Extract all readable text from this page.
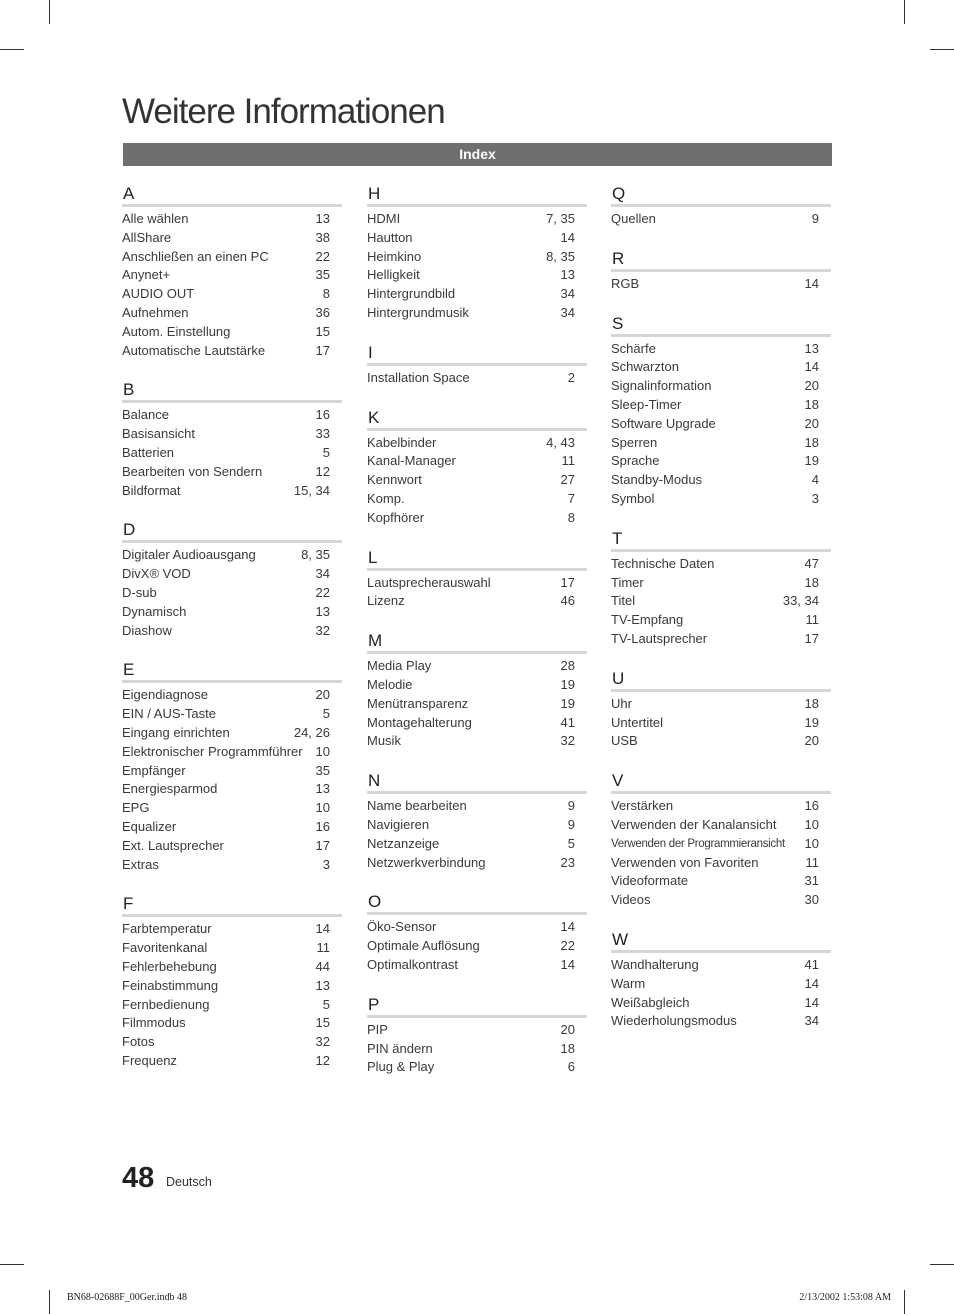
Weitere Informationen
Index
A
Alle wählen	13
AllShare	38
Anschließen an einen PC	22
Anynet+	35
AUDIO OUT	8
Aufnehmen	36
Autom. Einstellung	15
Automatische Lautstärke	17
B
Balance	16
Basisansicht	33
Batterien	5
Bearbeiten von Sendern	12
Bildformat	15, 34
D
Digitaler Audioausgang	8, 35
DivX® VOD	34
D-sub	22
Dynamisch	13
Diashow	32
E
Eigendiagnose	20
EIN / AUS-Taste	5
Eingang einrichten	24, 26
Elektronischer Programmführer 10
Empfänger	35
Energiesparmod	13
EPG	10
Equalizer	16
Ext. Lautsprecher	17
Extras	3
F
Farbtemperatur	14
Favoritenkanal	11
Fehlerbehebung	44
Feinabstimmung	13
Fernbedienung	5
Filmmodus	15
Fotos	32
Frequenz	12
H
HDMI	7, 35
Hautton	14
Heimkino	8, 35
Helligkeit	13
Hintergrundbild	34
Hintergrundmusik	34
I
Installation Space	2
K
Kabelbinder	4, 43
Kanal-Manager	11
Kennwort	27
Komp.	7
Kopfhörer	8
L
Lautsprecherauswahl	17
Lizenz	46
M
Media Play	28
Melodie	19
Menütransparenz	19
Montagehalterung	41
Musik	32
N
Name bearbeiten	9
Navigieren	9
Netzanzeige	5
Netzwerkverbindung	23
O
Öko-Sensor	14
Optimale Auflösung	22
Optimalkontrast	14
P
PIP	20
PIN ändern	18
Plug & Play	6
Q
Quellen	9
R
RGB	14
S
Schärfe	13
Schwarzton	14
Signalinformation	20
Sleep-Timer	18
Software Upgrade	20
Sperren	18
Sprache	19
Standby-Modus	4
Symbol	3
T
Technische Daten	47
Timer	18
Titel	33, 34
TV-Empfang	11
TV-Lautsprecher	17
U
Uhr	18
Untertitel	19
USB	20
V
Verstärken	16
Verwenden der Kanalansicht 10
Verwenden der Programmieransicht 10
Verwenden von Favoriten	11
Videoformate	31
Videos	30
W
Wandhalterung	41
Warm	14
Weißabgleich	14
Wiederholungsmodus	34
48 Deutsch
BN68-02688F_00Ger.indb 48	2/13/2002 1:53:08 AM
